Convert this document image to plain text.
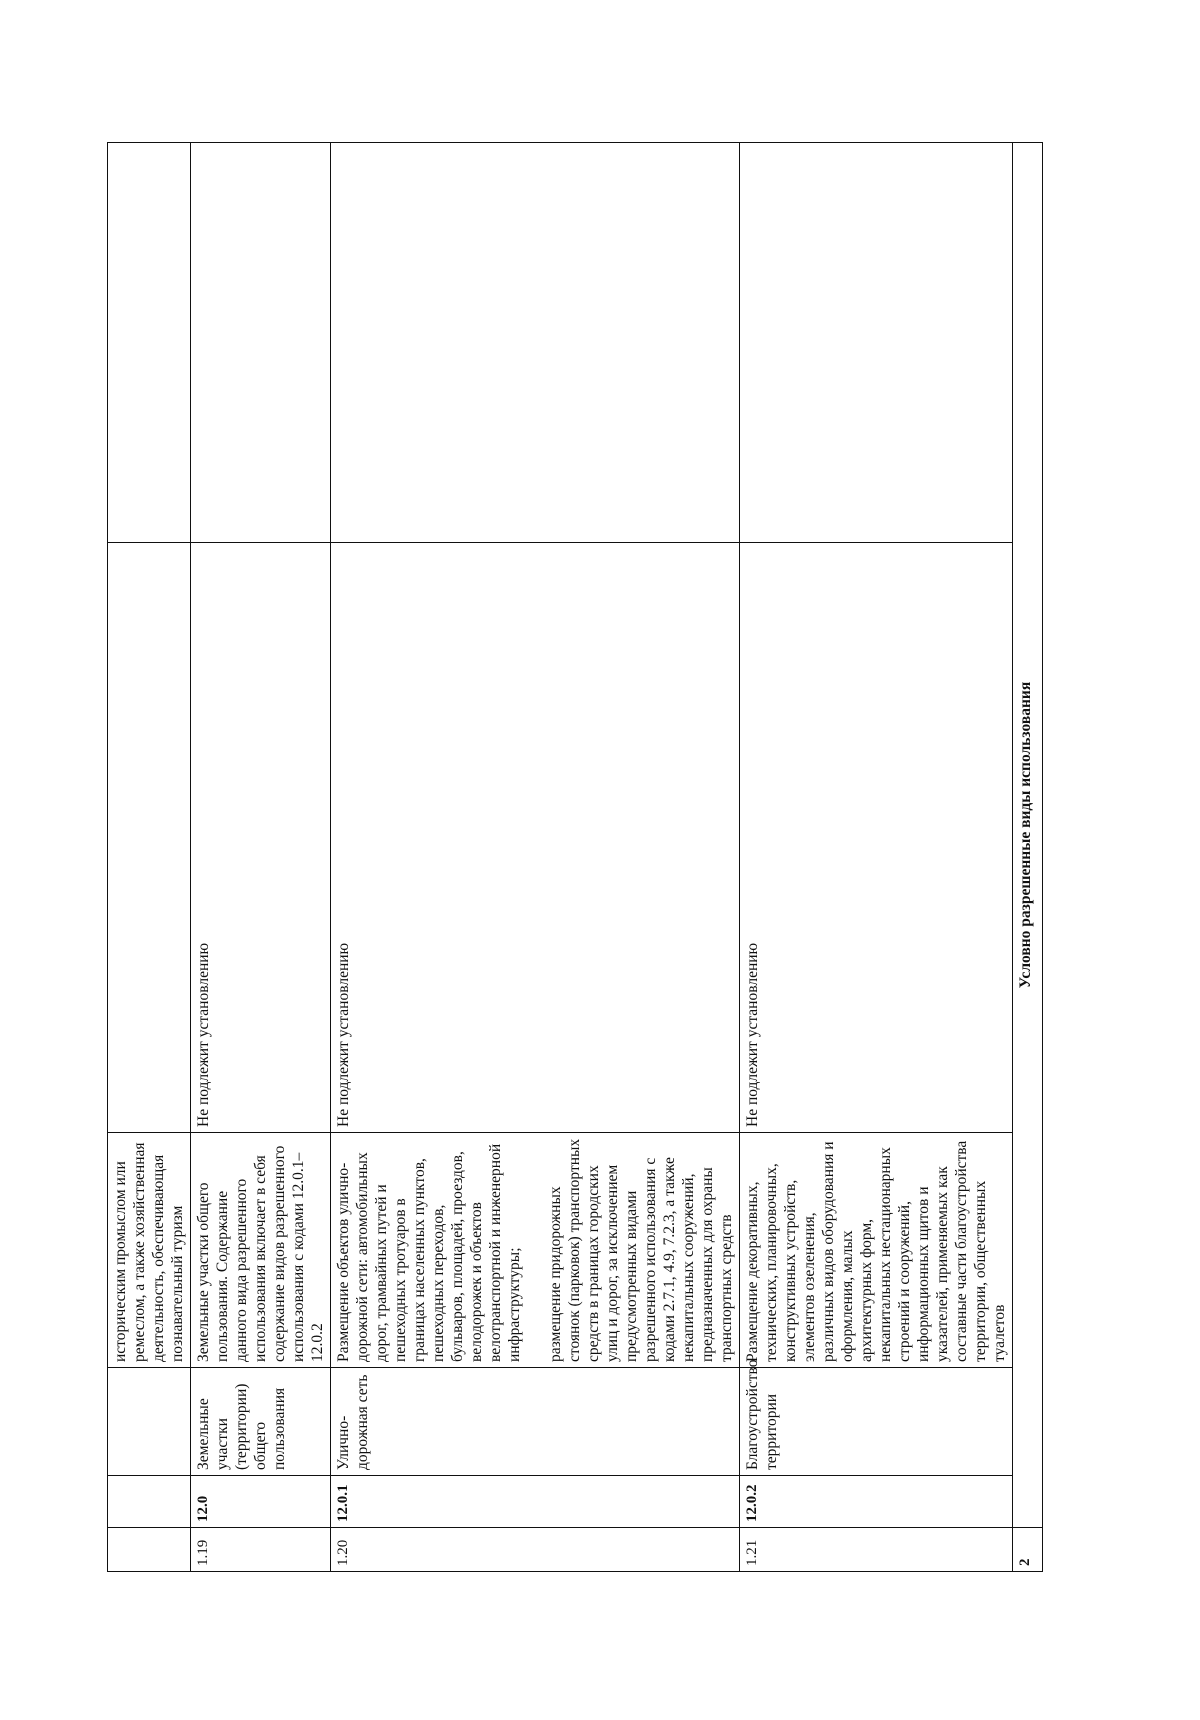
			историческим промыслом или ремеслом, а также хозяйственная деятельность, обеспечивающая познавательный туризм		

1.19	12.0	Земельные участки (территории) общего пользования	Земельные участки общего пользования. Содержание данного вида разрешенного использования включает в себя содержание видов разрешенного использования с кодами 12.0.1–12.0.2	Не подлежит установлению	
1.20	12.0.1	Улично-дорожная сеть	Размещение объектов улично-дорожной сети: автомобильных дорог, трамвайных путей и пешеходных тротуаров в границах населенных пунктов, пешеходных переходов, бульваров, площадей, проездов, велодорожек и объектов велотранспортной и инженерной инфраструктуры; размещение придорожных стоянок (парковок) транспортных средств в границах городских улиц и дорог, за исключением предусмотренных видами разрешенного использования с кодами 2.7.1, 4.9, 7.2.3, а также некапитальных сооружений, предназначенных для охраны транспортных средств	Не подлежит установлению	
1.21	12.0.2	Благоустройство территории	Размещение декоративных, технических, планировочных, конструктивных устройств, элементов озеленения, различных видов оборудования и оформления, малых архитектурных форм, некапитальных нестационарных строений и сооружений, информационных щитов и указателей, применяемых как составные части благоустройства территории, общественных туалетов	Не подлежит установлению	
2	Условно разрешенные виды использования				
